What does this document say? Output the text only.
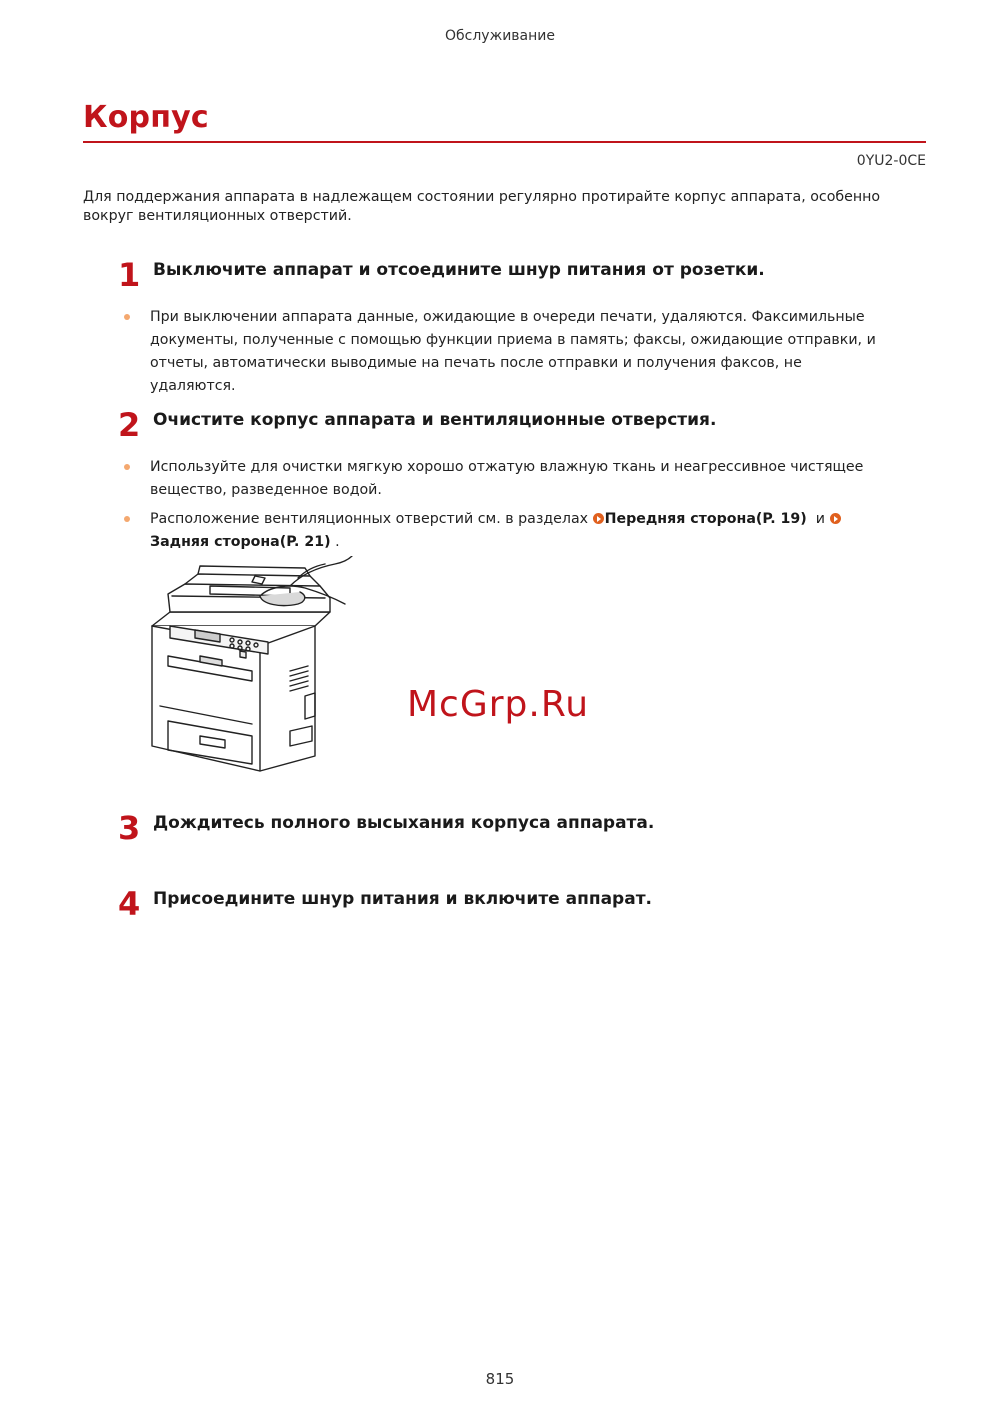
Обслуживание
Корпус
0YU2-0CE
Для поддержания аппарата в надлежащем состоянии регулярно протирайте корпус аппарата, особенно вокруг вентиляционных отверстий.
1 Выключите аппарат и отсоедините шнур питания от розетки.
При выключении аппарата данные, ожидающие в очереди печати, удаляются. Факсимильные документы, полученные с помощью функции приема в память; факсы, ожидающие отправки, и отчеты, автоматически выводимые на печать после отправки и получения факсов, не удаляются.
2 Очистите корпус аппарата и вентиляционные отверстия.
Используйте для очистки мягкую хорошо отжатую влажную ткань и неагрессивное чистящее вещество, разведенное водой.
Расположение вентиляционных отверстий см. в разделах Передняя сторона(P. 19) и Задняя сторона(P. 21) .
McGrp.Ru
3 Дождитесь полного высыхания корпуса аппарата.
4 Присоедините шнур питания и включите аппарат.
815
